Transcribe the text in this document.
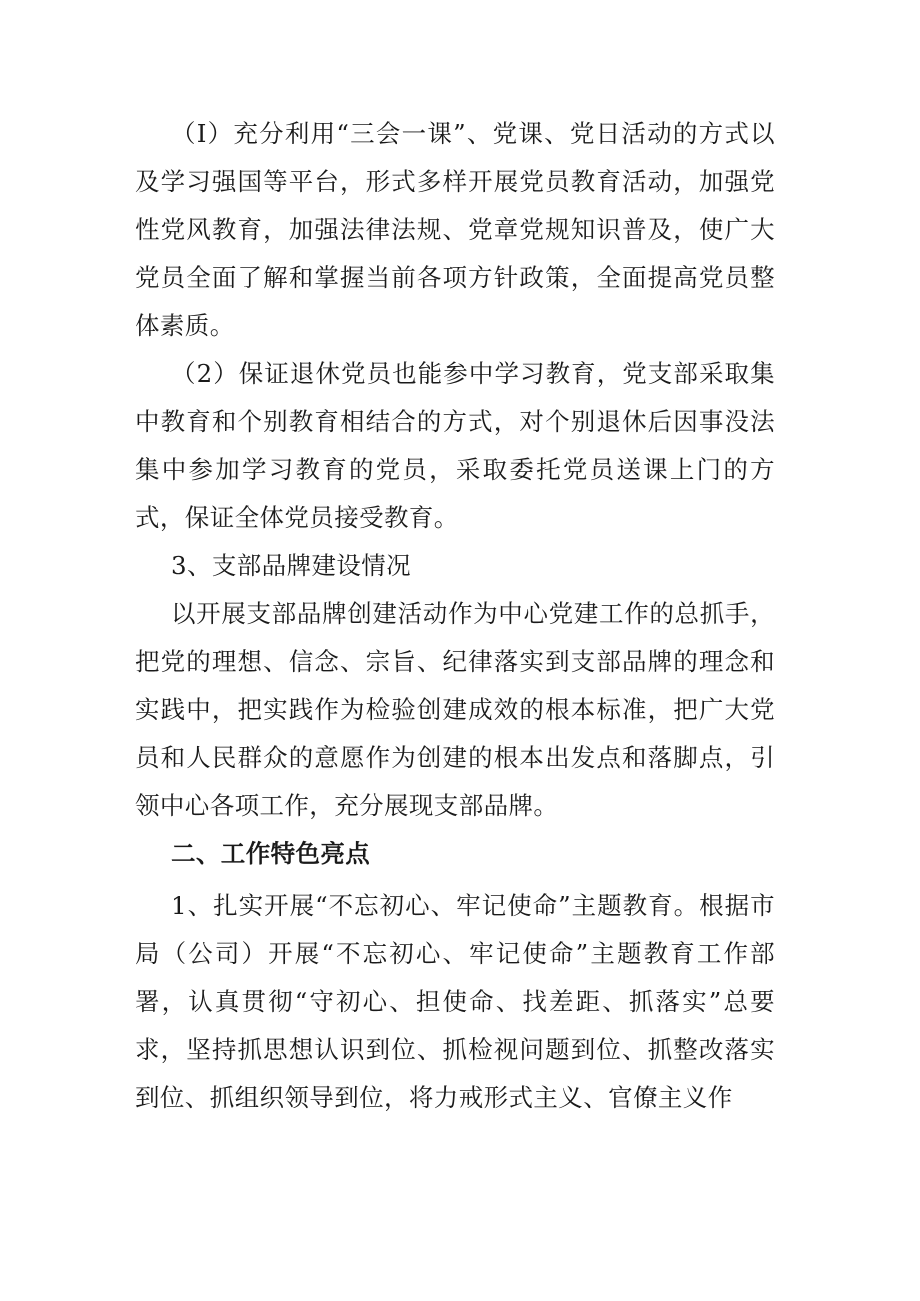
（I）充分利用“三会一课”、党课、党日活动的方式以及学习强国等平台，形式多样开展党员教育活动，加强党性党风教育，加强法律法规、党章党规知识普及，使广大党员全面了解和掌握当前各项方针政策，全面提高党员整体素质。

（2）保证退休党员也能参中学习教育，党支部采取集中教育和个别教育相结合的方式，对个别退休后因事没法集中参加学习教育的党员，采取委托党员送课上门的方式，保证全体党员接受教育。

3、支部品牌建设情况

以开展支部品牌创建活动作为中心党建工作的总抓手，把党的理想、信念、宗旨、纪律落实到支部品牌的理念和实践中，把实践作为检验创建成效的根本标准，把广大党员和人民群众的意愿作为创建的根本出发点和落脚点，引领中心各项工作，充分展现支部品牌。

二、工作特色亮点

1、扎实开展“不忘初心、牢记使命”主题教育。根据市局（公司）开展“不忘初心、牢记使命”主题教育工作部署，认真贯彻“守初心、担使命、找差距、抓落实”总要求，坚持抓思想认识到位、抓检视问题到位、抓整改落实到位、抓组织领导到位，将力戒形式主义、官僚主义作
